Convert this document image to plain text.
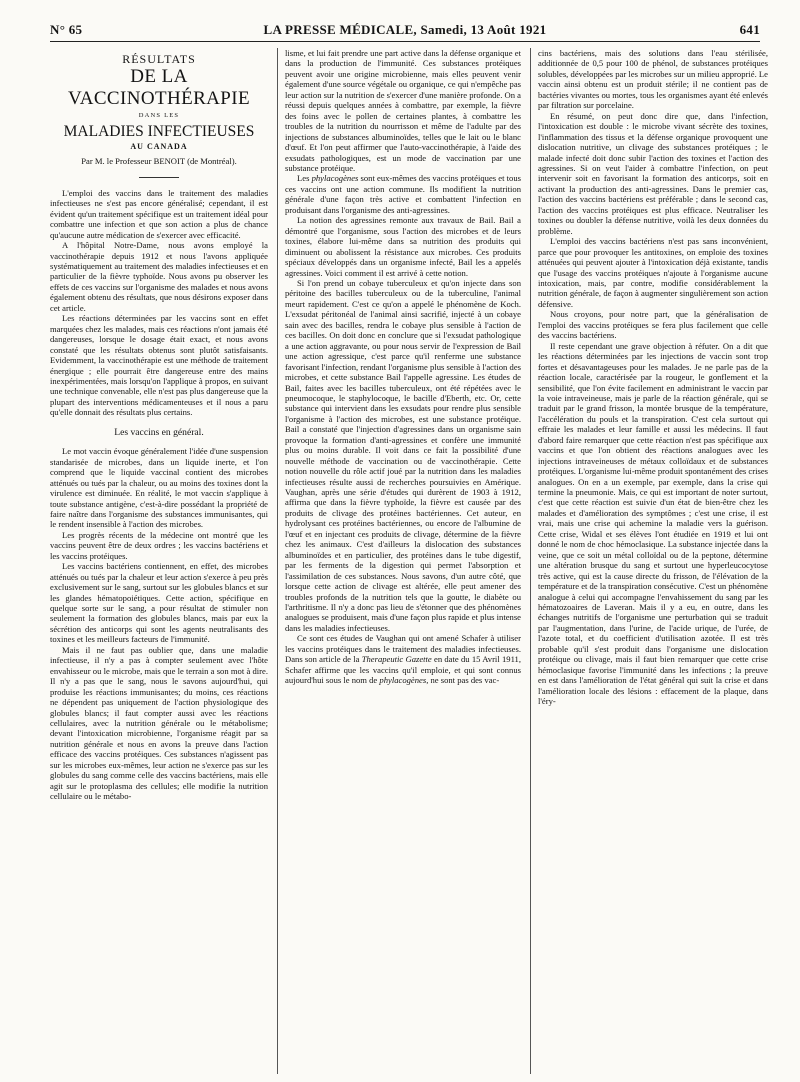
N° 65	LA PRESSE MÉDICALE, Samedi, 13 Août 1921	641
RÉSULTATS
DE LA VACCINOTHÉRAPIE
DANS LES
MALADIES INFECTIEUSES
AU CANADA
Par M. le Professeur BENOIT (de Montréal).

L'emploi des vaccins dans le traitement des maladies infectieuses ne s'est pas encore généralisé; cependant, il est évident qu'un traitement spécifique est un traitement idéal pour combattre une infection et que son action a plus de chance qu'aucune autre médication de s'exercer avec efficacité.

A l'hôpital Notre-Dame, nous avons employé la vaccinothérapie depuis 1912 et nous l'avons appliquée systématiquement au traitement des maladies infectieuses et en particulier de la fièvre typhoïde. Nous avons pu observer les effets de ces vaccins sur l'organisme des malades et nous avons également obtenu des résultats, que nous désirons exposer dans cet article.

Les réactions déterminées par les vaccins sont en effet marquées chez les malades, mais ces réactions n'ont jamais été dangereuses, lorsque le dosage était exact, et nous avons constaté que les résultats obtenus sont plutôt satisfaisants. Evidemment, la vaccinothérapie est une méthode de traitement énergique ; elle pourrait être dangereuse entre des mains inexpérimentées, mais lorsqu'on l'applique à propos, en suivant une technique convenable, elle n'est pas plus dangereuse que la plupart des interventions médicamenteuses et il nous a paru qu'elle donnait des résultats plus certains.

Les vaccins en général.

Le mot vaccin évoque généralement l'idée d'une suspension standarisée de microbes, dans un liquide inerte, et l'on comprend que le liquide vaccinal contient des microbes atténués ou tués par la chaleur, ou au moins des toxines dont la virulence est diminuée. En réalité, le mot vaccin s'applique à toute substance antigène, c'est-à-dire possédant la propriété de faire naître dans l'organisme des substances immunisantes, qui le rendent insensible à l'action des microbes.

Les progrès récents de la médecine ont montré que les vaccins peuvent être de deux ordres ; les vaccins bactériens et les vaccins protéiques.

Les vaccins bactériens contiennent, en effet, des microbes atténués ou tués par la chaleur et leur action s'exerce à peu près exclusivement sur le sang, surtout sur les globules blancs et sur les glandes hématopoiétiques. Cette action, spécifique en quelque sorte sur le sang, a pour résultat de stimuler non seulement la formation des globules blancs, mais par eux la sécrétion des anticorps qui sont les agents neutralisants des toxines et les meilleurs facteurs de l'immunité.

Mais il ne faut pas oublier que, dans une maladie infectieuse, il n'y a pas à compter seulement avec l'hôte envahisseur ou le microbe, mais que le terrain a son mot à dire. Il n'y a pas que le sang, nous le savons aujourd'hui, qui produise les réactions immunisantes; du moins, ces réactions ne dépendent pas uniquement de l'action physiologique des globules blancs; il faut compter aussi avec les réactions cellulaires, avec la nutrition générale ou le métabolisme; devant l'intoxication microbienne, l'organisme réagit par sa nutrition générale et nous en avons la preuve dans l'action efficace des vaccins protéiques. Ces substances n'agissent pas sur les microbes eux-mêmes, leur action ne s'exerce pas sur les globules du sang comme celle des vaccins bactériens, mais elle agit sur le protoplasma des cellules; elle modifie la nutrition cellulaire ou le métabo-

lisme, et lui fait prendre une part active dans la défense organique et dans la production de l'immunité. Ces substances protéiques peuvent avoir une origine microbienne, mais elles peuvent venir également d'une source végétale ou organique, ce qui n'empêche pas leur action sur la nutrition de s'exercer d'une manière profonde. On a réussi depuis quelques années à combattre, par exemple, la fièvre des foins avec le pollen de certaines plantes, à combattre les troubles de la nutrition du nourrisson et même de l'adulte par des injections de substances albuminoïdes, telles que le lait ou le blanc d'œuf. Et l'on peut affirmer que l'auto-vaccinothérapie, à l'aide des exsudats pathologiques, est un mode de vaccination par une substance protéique.

Les phylacogènes sont eux-mêmes des vaccins protéiques et tous ces vaccins ont une action commune. Ils modifient la nutrition générale d'une façon très active et combattent l'infection en produisant dans l'organisme des anti-agressines.

La notion des agressines remonte aux travaux de Bail. Bail a démontré que l'organisme, sous l'action des microbes et de leurs toxines, élabore lui-même dans sa nutrition des produits qui diminuent ou abolissent la résistance aux microbes. Ces produits spéciaux développés dans un organisme infecté, Bail les a appelés agressines. Voici comment il est arrivé à cette notion.

Si l'on prend un cobaye tuberculeux et qu'on injecte dans son péritoine des bacilles tuberculeux ou de la tuberculine, l'animal meurt rapidement. C'est ce qu'on a appelé le phénomène de Koch. L'exsudat péritonéal de l'animal ainsi sacrifié, injecté à un cobaye sain avec des bacilles, rendra le cobaye plus sensible à l'action de ces bacilles. On doit donc en conclure que si l'exsudat pathologique a une action aggravante, ou pour nous servir de l'expression de Bail une action agressique, c'est parce qu'il renferme une substance favorisant l'infection, rendant l'organisme plus sensible à l'action des microbes, et cette substance Bail l'appelle agressine. Les études de Bail, faites avec les bacilles tuberculeux, ont été répétées avec le pneumocoque, le staphylocoque, le bacille d'Eberth, etc. Or, cette substance qui intervient dans les exsudats pour rendre plus sensible l'organisme à l'action des microbes, est une substance protéique. Bail a constaté que l'injection d'agressines dans un organisme sain provoque la formation d'anti-agressines et confère une immunité plus ou moins durable. Il voit dans ce fait la possibilité d'une nouvelle méthode de vaccination ou de vaccinothérapie. Cette notion nouvelle du rôle actif joué par la nutrition dans les maladies infectieuses résulte aussi de recherches poursuivies en Amérique. Vaughan, après une série d'études qui durèrent de 1903 à 1912, affirma que dans la fièvre typhoïde, la fièvre est causée par des produits de clivage des protéines bactériennes. Cet auteur, en hydrolysant ces protéines bactériennes, ou encore de l'albumine de l'œuf et en injectant ces produits de clivage, détermine de la fièvre chez les animaux. C'est d'ailleurs la dislocation des substances albuminoïdes et en particulier, des protéines dans le tube digestif, par les ferments de la digestion qui permet l'absorption et l'assimilation de ces substances. Nous savons, d'un autre côté, que lorsque cette action de clivage est altérée, elle peut amener des troubles profonds de la nutrition tels que la goutte, le diabète ou l'arthritisme. Il n'y a donc pas lieu de s'étonner que des phénomènes analogues se produisent, mais d'une façon plus rapide et plus intense dans les maladies infectieuses.

Ce sont ces études de Vaughan qui ont amené Schafer à utiliser les vaccins protéiques dans le traitement des maladies infectieuses. Dans son article de la Therapeutic Gazette en date du 15 Avril 1911, Schafer affirme que les vaccins qu'il emploie, et qui sont connus aujourd'hui sous le nom de phylacogènes, ne sont pas des vac-

cins bactériens, mais des solutions dans l'eau stérilisée, additionnée de 0,5 pour 100 de phénol, de substances protéiques solubles, développées par les microbes sur un milieu approprié. Le vaccin ainsi obtenu est un produit stérile; il ne contient pas de bactéries vivantes ou mortes, tous les organismes ayant été enlevés par filtration sur porcelaine.

En résumé, on peut donc dire que, dans l'infection, l'intoxication est double : le microbe vivant sécrète des toxines, l'inflammation des tissus et la défense organique provoquent une dislocation nutritive, un clivage des substances protéiques ; le malade infecté doit donc subir l'action des toxines et l'action des agressines. Si on veut l'aider à combattre l'infection, on peut intervenir soit en favorisant la formation des anticorps, soit en activant la production des anti-agressines. Dans le premier cas, l'action des vaccins bactériens est préférable ; dans le second cas, l'action des vaccins protéiques est plus efficace. Neutraliser les toxines ou doubler la défense nutritive, voilà les deux données du problème.

L'emploi des vaccins bactériens n'est pas sans inconvénient, parce que pour provoquer les antitoxines, on emploie des toxines atténuées qui peuvent ajouter à l'intoxication déjà existante, tandis que l'usage des vaccins protéiques n'ajoute à l'organisme aucune intoxication, mais, par contre, modifie considérablement la nutrition générale, de façon à augmenter singulièrement son action défensive.

Nous croyons, pour notre part, que la généralisation de l'emploi des vaccins protéiques se fera plus facilement que celle des vaccins bactériens.

Il reste cependant une grave objection à réfuter. On a dit que les réactions déterminées par les injections de vaccin sont trop fortes et désavantageuses pour les malades. Je ne parle pas de la réaction locale, caractérisée par la rougeur, le gonflement et la sensibilité, que l'on évite facilement en administrant le vaccin par la voie intraveineuse, mais je parle de la réaction générale, qui se traduit par le grand frisson, la montée brusque de la température, l'accélération du pouls et la transpiration. C'est cela surtout qui effraie les malades et leur famille et aussi les médecins. Il faut d'abord faire remarquer que cette réaction n'est pas spécifique aux vaccins et que l'on obtient des réactions analogues avec les injections intraveineuses de métaux colloïdaux et de substances protéiques. L'organisme lui-même produit spontanément des crises analogues. On en a un exemple, par exemple, dans la crise qui termine la pneumonie. Mais, ce qui est important de noter surtout, c'est que cette réaction est suivie d'un état de bien-être chez les malades et d'amélioration des symptômes ; c'est une crise, il est vrai, mais une crise qui achemine la maladie vers la guérison. Cette crise, Widal et ses élèves l'ont étudiée en 1919 et lui ont donné le nom de choc hémoclasique. La substance injectée dans la veine, que ce soit un métal colloïdal ou de la peptone, détermine une altération brusque du sang et surtout une hyperleucocytose très active, qui est la cause directe du frisson, de l'élévation de la température et de la transpiration consécutive. C'est un phénomène analogue à celui qui accompagne l'envahissement du sang par les hématozoaires de Laveran. Mais il y a eu, en outre, dans les échanges nutritifs de l'organisme une perturbation qui se traduit par l'augmentation, dans l'urine, de l'acide urique, de l'urée, de l'azote total, et du coefficient d'utilisation azotée. Il est très probable qu'il s'est produit dans l'organisme une dislocation protéique ou clivage, mais il faut bien remarquer que cette crise hémoclasique favorise l'immunité dans les infections ; la preuve en est dans l'amélioration de l'état général qui suit la crise et dans l'amélioration locale des lésions : effacement de la plaque, dans l'éry-
